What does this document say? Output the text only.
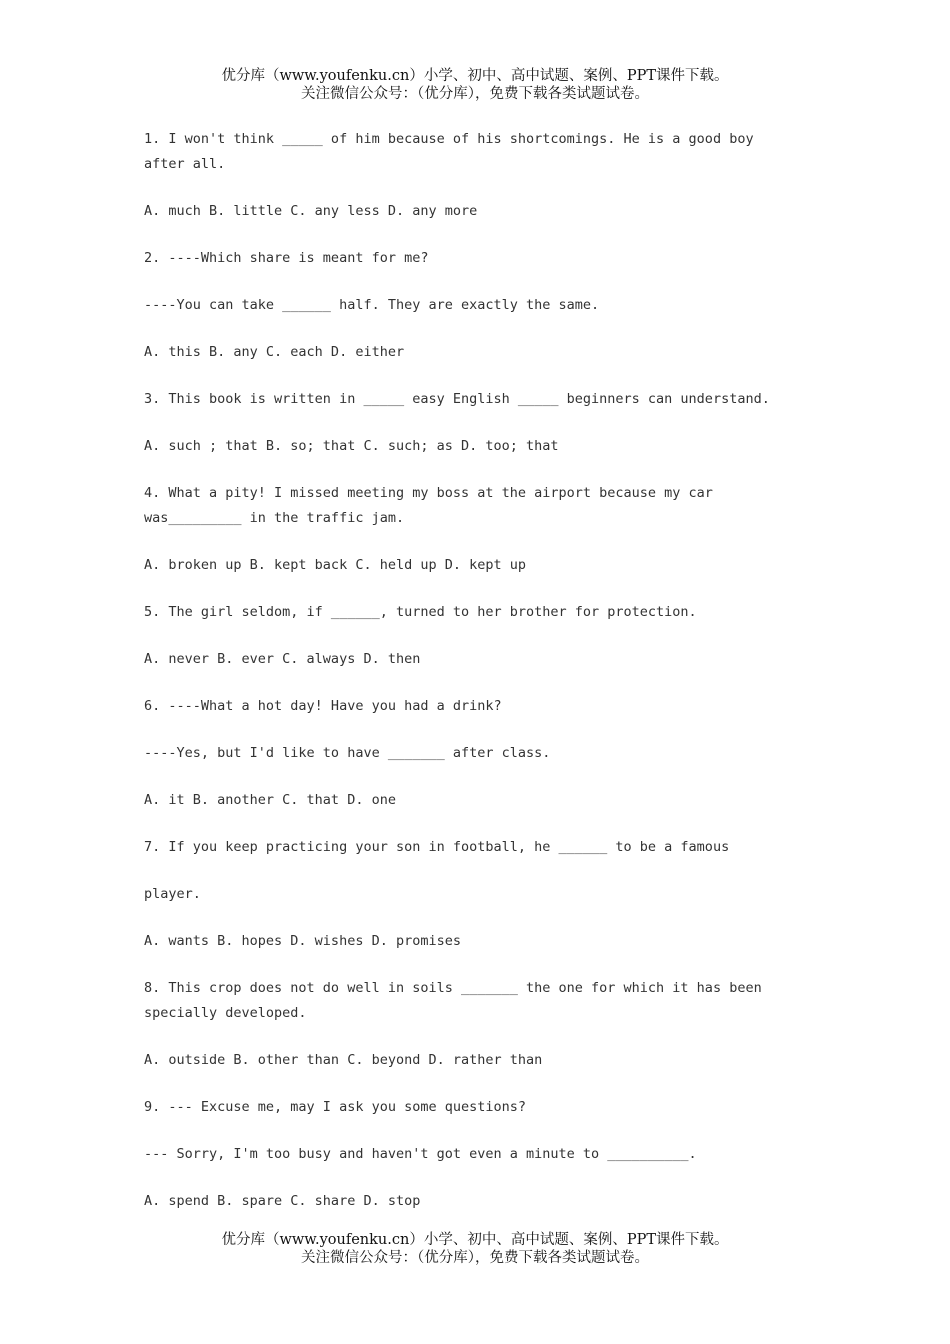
优分库（www.youfenku.cn）小学、初中、高中试题、案例、PPT课件下载。
关注微信公众号：（优分库），免费下载各类试题试卷。

1. I won't think _____ of him because of his shortcomings. He is a good boy after all.

A. much B. little C. any less D. any more

2. ----Which share is meant for me?

----You can take ______ half. They are exactly the same.

A. this B. any C. each D. either

3. This book is written in _____ easy English _____ beginners can understand.

A. such ; that B. so; that C. such; as D. too; that

4. What a pity! I missed meeting my boss at the airport because my car was_________ in the traffic jam.

A. broken up B. kept back C. held up D. kept up

5. The girl seldom, if ______, turned to her brother for protection.

A. never B. ever C. always D. then

6. ----What a hot day! Have you had a drink?

----Yes, but I'd like to have _______ after class.

A. it B. another C. that D. one

7. If you keep practicing your son in football, he ______ to be a famous

player.

A. wants B. hopes D. wishes D. promises

8. This crop does not do well in soils _______ the one for which it has been specially developed.

A. outside B. other than C. beyond D. rather than

9. --- Excuse me, may I ask you some questions?

--- Sorry, I'm too busy and haven't got even a minute to __________.

A. spend B. spare C. share D. stop

优分库（www.youfenku.cn）小学、初中、高中试题、案例、PPT课件下载。
关注微信公众号：（优分库），免费下载各类试题试卷。
